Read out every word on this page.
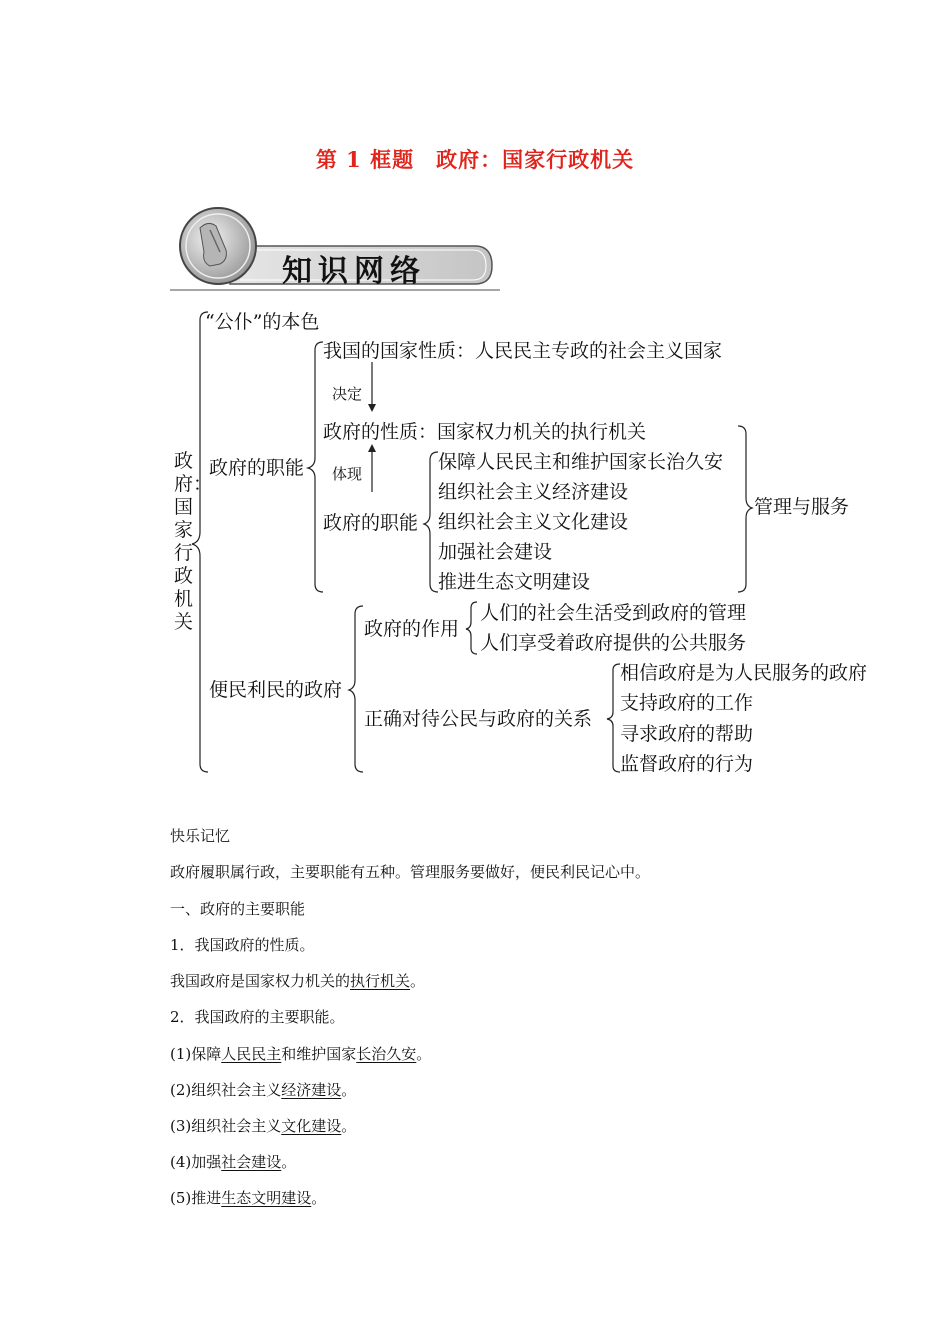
第 1 框题　政府：国家行政机关
知识网络
政府：国家行政机关
“公仆”的本色
政府的职能
我国的国家性质：人民民主专政的社会主义国家
决定
政府的性质：国家权力机关的执行机关
体现
政府的职能
保障人民民主和维护国家长治久安
组织社会主义经济建设
组织社会主义文化建设
加强社会建设
推进生态文明建设
管理与服务
便民利民的政府
政府的作用
人们的社会生活受到政府的管理
人们享受着政府提供的公共服务
正确对待公民与政府的关系
相信政府是为人民服务的政府
支持政府的工作
寻求政府的帮助
监督政府的行为
快乐记忆
政府履职属行政，主要职能有五种。管理服务要做好，便民利民记心中。
一、政府的主要职能
1．我国政府的性质。
我国政府是国家权力机关的执行机关。
2．我国政府的主要职能。
(1)保障人民民主和维护国家长治久安。
(2)组织社会主义经济建设。
(3)组织社会主义文化建设。
(4)加强社会建设。
(5)推进生态文明建设。
